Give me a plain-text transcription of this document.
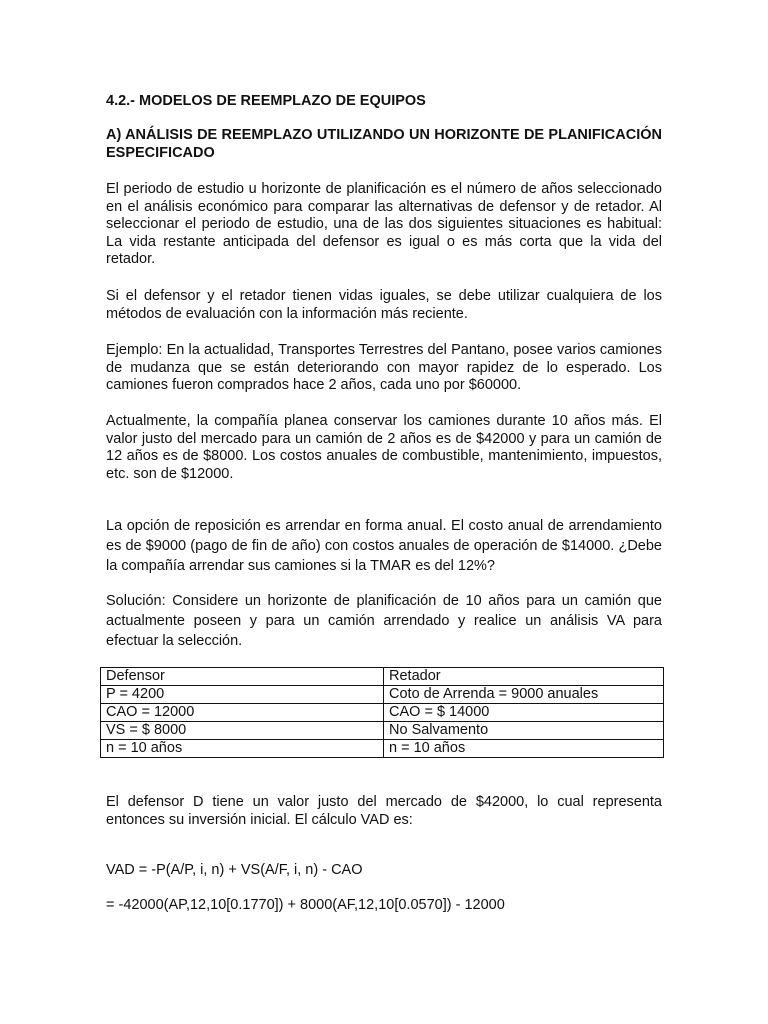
4.2.- MODELOS DE REEMPLAZO DE EQUIPOS

A) ANÁLISIS DE REEMPLAZO UTILIZANDO UN HORIZONTE DE PLANIFICACIÓN ESPECIFICADO

El periodo de estudio u horizonte de planificación es el número de años seleccionado en el análisis económico para comparar las alternativas de defensor y de retador. Al seleccionar el periodo de estudio, una de las dos siguientes situaciones es habitual: La vida restante anticipada del defensor es igual o es más corta que la vida del retador.

Si el defensor y el retador tienen vidas iguales, se debe utilizar cualquiera de los métodos de evaluación con la información más reciente.

Ejemplo: En la actualidad, Transportes Terrestres del Pantano, posee varios camiones de mudanza que se están deteriorando con mayor rapidez de lo esperado. Los camiones fueron comprados hace 2 años, cada uno por $60000.

Actualmente, la compañía planea conservar los camiones durante 10 años más. El valor justo del mercado para un camión de 2 años es de $42000 y para un camión de 12 años es de $8000. Los costos anuales de combustible, mantenimiento, impuestos, etc. son de $12000.

La opción de reposición es arrendar en forma anual. El costo anual de arrendamiento es de $9000 (pago de fin de año) con costos anuales de operación de $14000. ¿Debe la compañía arrendar sus camiones si la TMAR es del 12%?

Solución: Considere un horizonte de planificación de 10 años para un camión que actualmente poseen y para un camión arrendado y realice un análisis VA para efectuar la selección.

Defensor	Retador
P = 4200	Coto de Arrenda = 9000 anuales
CAO = 12000	CAO = $ 14000
VS = $ 8000	No Salvamento
n = 10 años	n = 10 años

El defensor D tiene un valor justo del mercado de $42000, lo cual representa entonces su inversión inicial. El cálculo VAD es:

VAD = -P(A/P, i, n) + VS(A/F, i, n) - CAO

= -42000(AP,12,10[0.1770]) + 8000(AF,12,10[0.0570]) - 12000
